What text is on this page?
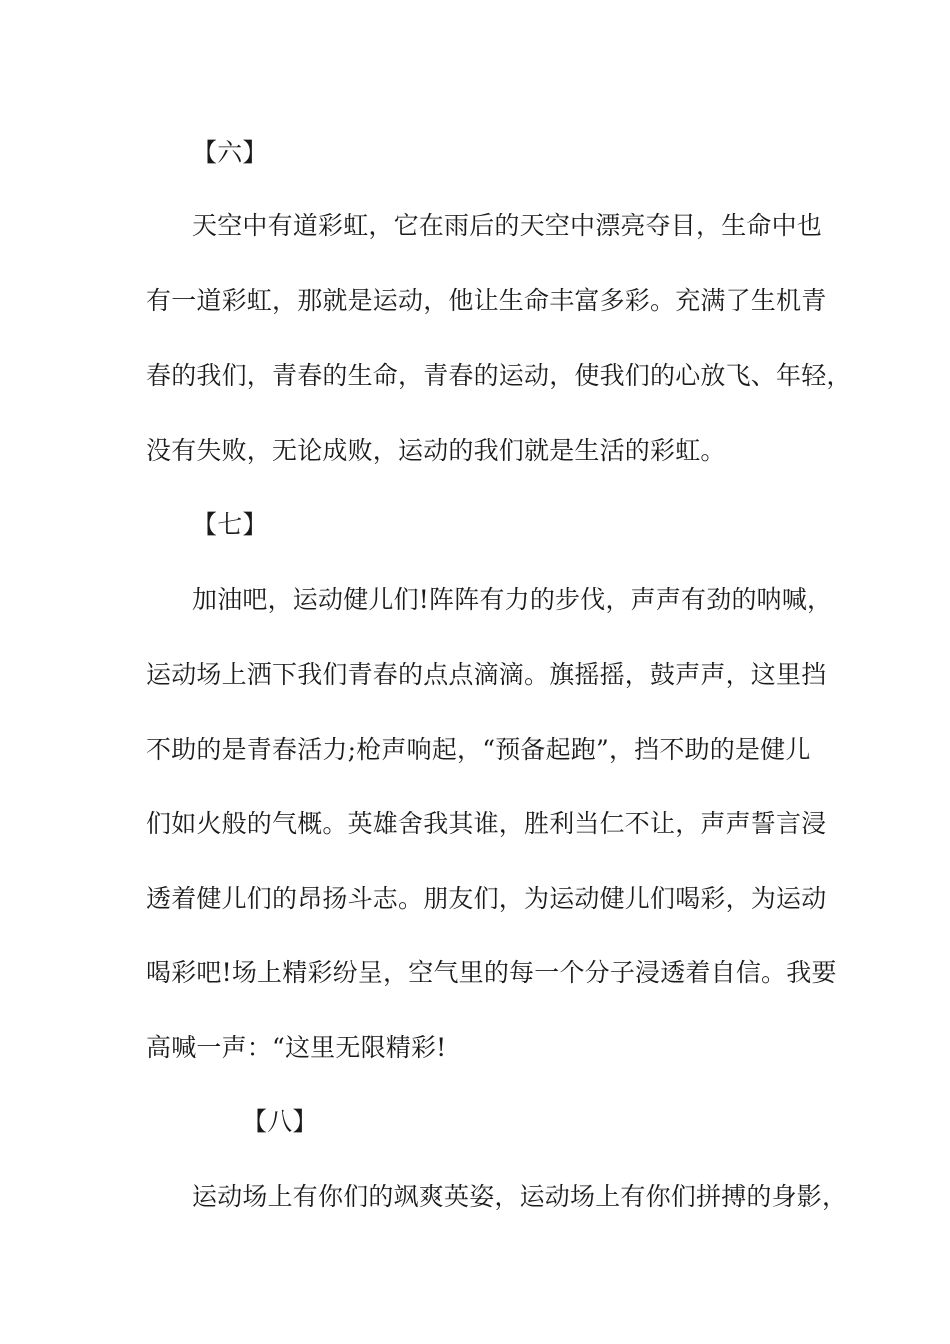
【六】
天空中有道彩虹，它在雨后的天空中漂亮夺目，生命中也
有一道彩虹，那就是运动，他让生命丰富多彩。充满了生机青
春的我们，青春的生命，青春的运动，使我们的心放飞、年轻，
没有失败，无论成败，运动的我们就是生活的彩虹。
【七】
加油吧，运动健儿们!阵阵有力的步伐，声声有劲的呐喊，
运动场上洒下我们青春的点点滴滴。旗摇摇，鼓声声，这里挡
不助的是青春活力;枪声响起，“预备起跑”，挡不助的是健儿
们如火般的气概。英雄舍我其谁，胜利当仁不让，声声誓言浸
透着健儿们的昂扬斗志。朋友们，为运动健儿们喝彩，为运动
喝彩吧!场上精彩纷呈，空气里的每一个分子浸透着自信。我要
高喊一声：“这里无限精彩!
【八】
运动场上有你们的飒爽英姿，运动场上有你们拼搏的身影，
